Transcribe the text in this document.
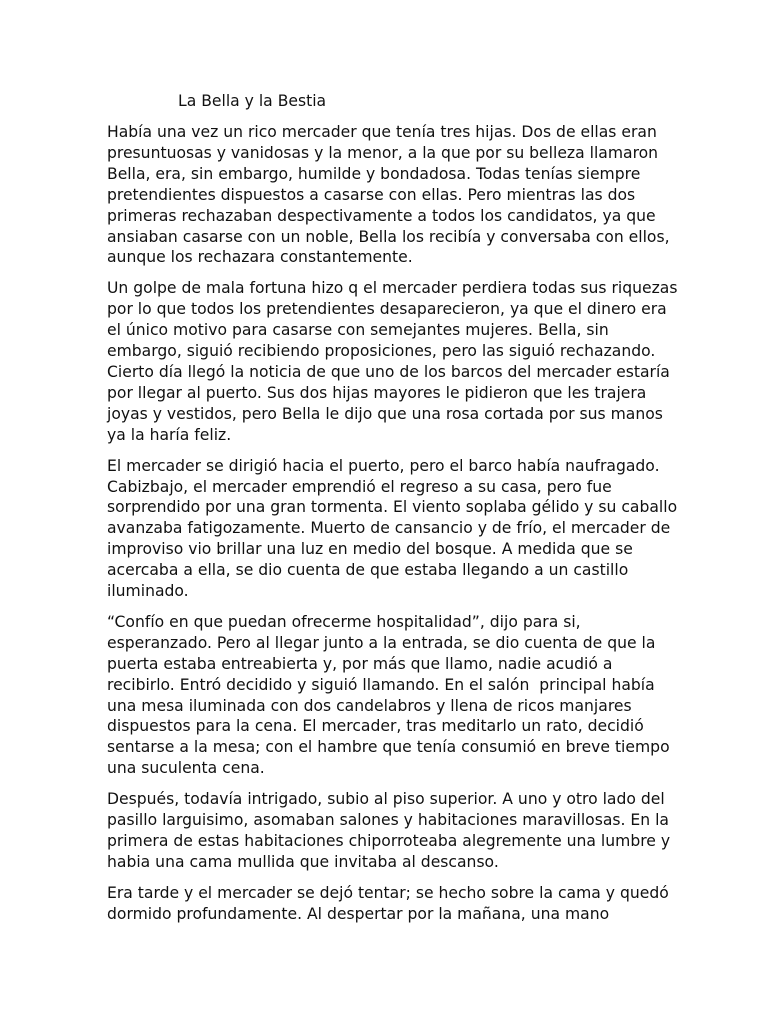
La Bella y la Bestia

Había una vez un rico mercader que tenía tres hijas. Dos de ellas eran
presuntuosas y vanidosas y la menor, a la que por su belleza llamaron
Bella, era, sin embargo, humilde y bondadosa. Todas tenías siempre
pretendientes dispuestos a casarse con ellas. Pero mientras las dos
primeras rechazaban despectivamente a todos los candidatos, ya que
ansiaban casarse con un noble, Bella los recibía y conversaba con ellos,
aunque los rechazara constantemente.

Un golpe de mala fortuna hizo q el mercader perdiera todas sus riquezas
por lo que todos los pretendientes desaparecieron, ya que el dinero era
el único motivo para casarse con semejantes mujeres. Bella, sin
embargo, siguió recibiendo proposiciones, pero las siguió rechazando.
Cierto día llegó la noticia de que uno de los barcos del mercader estaría
por llegar al puerto. Sus dos hijas mayores le pidieron que les trajera
joyas y vestidos, pero Bella le dijo que una rosa cortada por sus manos
ya la haría feliz.

El mercader se dirigió hacia el puerto, pero el barco había naufragado.
Cabizbajo, el mercader emprendió el regreso a su casa, pero fue
sorprendido por una gran tormenta. El viento soplaba gélido y su caballo
avanzaba fatigozamente. Muerto de cansancio y de frío, el mercader de
improviso vio brillar una luz en medio del bosque. A medida que se
acercaba a ella, se dio cuenta de que estaba llegando a un castillo
iluminado.

“Confío en que puedan ofrecerme hospitalidad”, dijo para si,
esperanzado. Pero al llegar junto a la entrada, se dio cuenta de que la
puerta estaba entreabierta y, por más que llamo, nadie acudió a
recibirlo. Entró decidido y siguió llamando. En el salón  principal había
una mesa iluminada con dos candelabros y llena de ricos manjares
dispuestos para la cena. El mercader, tras meditarlo un rato, decidió
sentarse a la mesa; con el hambre que tenía consumió en breve tiempo
una suculenta cena.

Después, todavía intrigado, subio al piso superior. A uno y otro lado del
pasillo larguisimo, asomaban salones y habitaciones maravillosas. En la
primera de estas habitaciones chiporroteaba alegremente una lumbre y
habia una cama mullida que invitaba al descanso.

Era tarde y el mercader se dejó tentar; se hecho sobre la cama y quedó
dormido profundamente. Al despertar por la mañana, una mano
